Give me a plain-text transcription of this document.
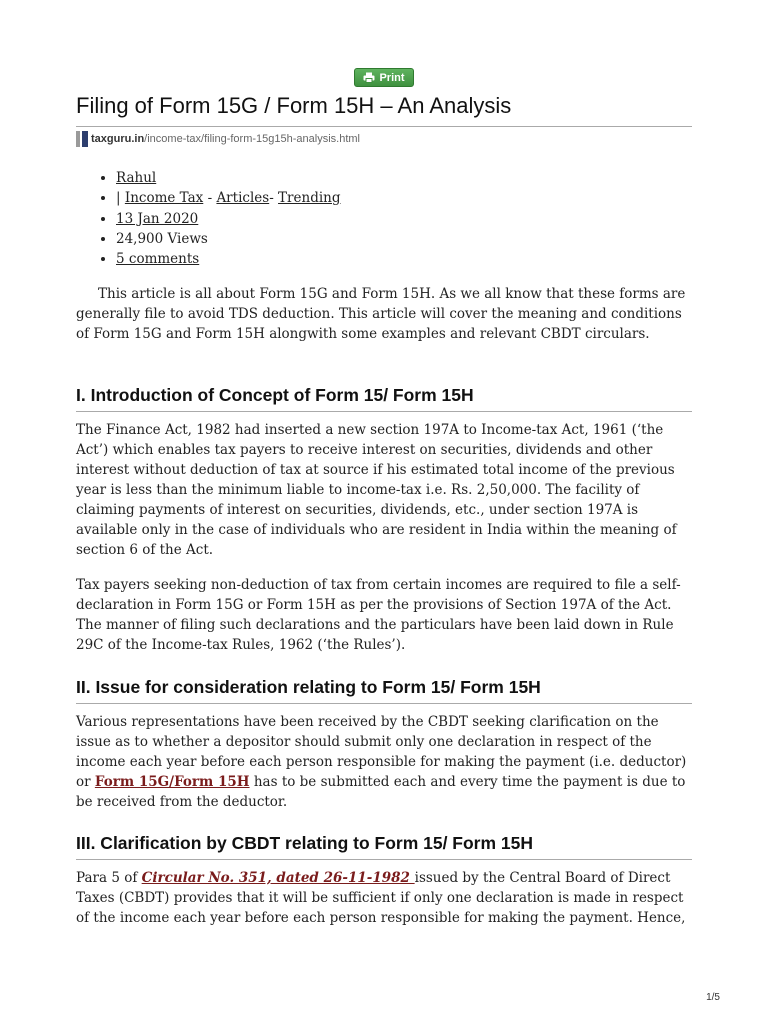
Print
Filing of Form 15G / Form 15H – An Analysis
taxguru.in /income-tax/filing-form-15g15h-analysis.html
• Rahul
• | Income Tax - Articles- Trending
• 13 Jan 2020
• 24,900 Views
• 5 comments

This article is all about Form 15G and Form 15H. As we all know that these forms are generally file to avoid TDS deduction. This article will cover the meaning and conditions of Form 15G and Form 15H alongwith some examples and relevant CBDT circulars.

I. Introduction of Concept of Form 15/ Form 15H

The Finance Act, 1982 had inserted a new section 197A to Income-tax Act, 1961 (‘the Act’) which enables tax payers to receive interest on securities, dividends and other interest without deduction of tax at source if his estimated total income of the previous year is less than the minimum liable to income-tax i.e. Rs. 2,50,000. The facility of claiming payments of interest on securities, dividends, etc., under section 197A is available only in the case of individuals who are resident in India within the meaning of section 6 of the Act.

Tax payers seeking non-deduction of tax from certain incomes are required to file a self-declaration in Form 15G or Form 15H as per the provisions of Section 197A of the Act. The manner of filing such declarations and the particulars have been laid down in Rule 29C of the Income-tax Rules, 1962 (‘the Rules’).

II. Issue for consideration relating to Form 15/ Form 15H

Various representations have been received by the CBDT seeking clarification on the issue as to whether a depositor should submit only one declaration in respect of the income each year before each person responsible for making the payment (i.e. deductor) or Form 15G/Form 15H has to be submitted each and every time the payment is due to be received from the deductor.

III. Clarification by CBDT relating to Form 15/ Form 15H

Para 5 of Circular No. 351, dated 26-11-1982 issued by the Central Board of Direct Taxes (CBDT) provides that it will be sufficient if only one declaration is made in respect of the income each year before each person responsible for making the payment. Hence,

1/5
